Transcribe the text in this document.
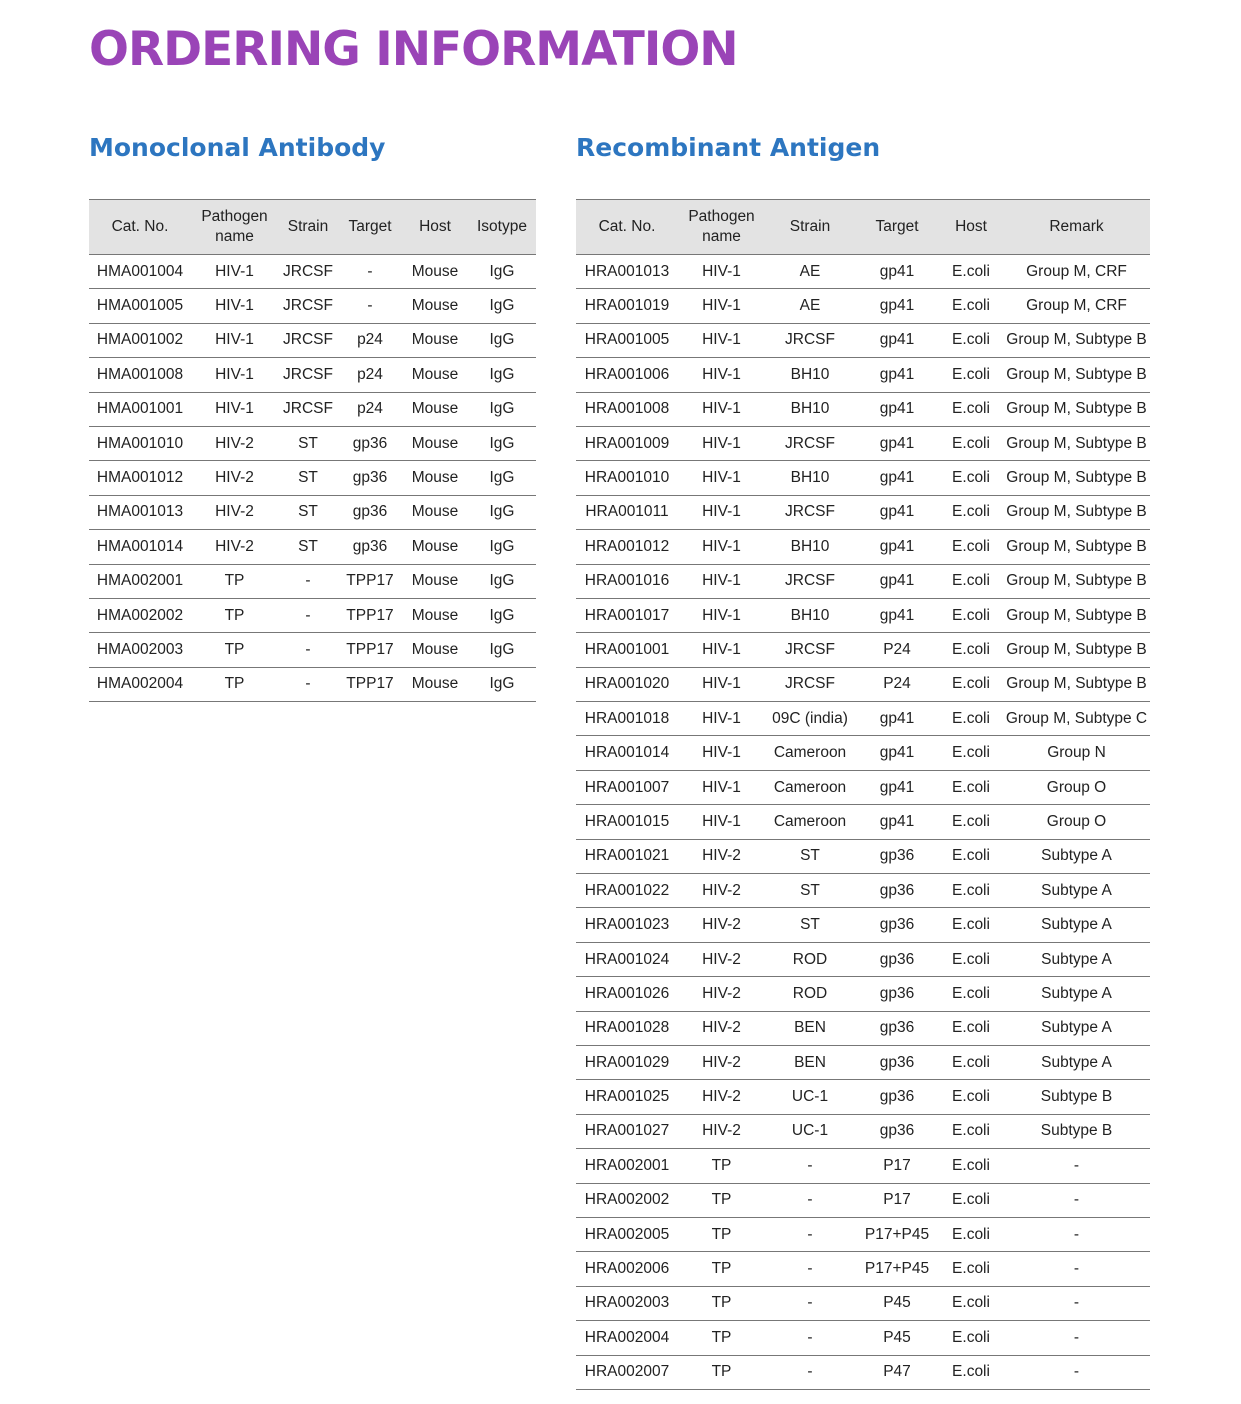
ORDERING INFORMATION
Monoclonal Antibody	Recombinant Antigen
Cat. No.	Pathogen name	Strain	Target	Host	Isotype
HMA001004	HIV-1	JRCSF	-	Mouse	IgG
HMA001005	HIV-1	JRCSF	-	Mouse	IgG
HMA001002	HIV-1	JRCSF	p24	Mouse	IgG
HMA001008	HIV-1	JRCSF	p24	Mouse	IgG
HMA001001	HIV-1	JRCSF	p24	Mouse	IgG
HMA001010	HIV-2	ST	gp36	Mouse	IgG
HMA001012	HIV-2	ST	gp36	Mouse	IgG
HMA001013	HIV-2	ST	gp36	Mouse	IgG
HMA001014	HIV-2	ST	gp36	Mouse	IgG
HMA002001	TP	-	TPP17	Mouse	IgG
HMA002002	TP	-	TPP17	Mouse	IgG
HMA002003	TP	-	TPP17	Mouse	IgG
HMA002004	TP	-	TPP17	Mouse	IgG
Cat. No.	Pathogen name	Strain	Target	Host	Remark
HRA001013	HIV-1	AE	gp41	E.coli	Group M, CRF
HRA001019	HIV-1	AE	gp41	E.coli	Group M, CRF
HRA001005	HIV-1	JRCSF	gp41	E.coli	Group M, Subtype B
HRA001006	HIV-1	BH10	gp41	E.coli	Group M, Subtype B
HRA001008	HIV-1	BH10	gp41	E.coli	Group M, Subtype B
HRA001009	HIV-1	JRCSF	gp41	E.coli	Group M, Subtype B
HRA001010	HIV-1	BH10	gp41	E.coli	Group M, Subtype B
HRA001011	HIV-1	JRCSF	gp41	E.coli	Group M, Subtype B
HRA001012	HIV-1	BH10	gp41	E.coli	Group M, Subtype B
HRA001016	HIV-1	JRCSF	gp41	E.coli	Group M, Subtype B
HRA001017	HIV-1	BH10	gp41	E.coli	Group M, Subtype B
HRA001001	HIV-1	JRCSF	P24	E.coli	Group M, Subtype B
HRA001020	HIV-1	JRCSF	P24	E.coli	Group M, Subtype B
HRA001018	HIV-1	09C (india)	gp41	E.coli	Group M, Subtype C
HRA001014	HIV-1	Cameroon	gp41	E.coli	Group N
HRA001007	HIV-1	Cameroon	gp41	E.coli	Group O
HRA001015	HIV-1	Cameroon	gp41	E.coli	Group O
HRA001021	HIV-2	ST	gp36	E.coli	Subtype A
HRA001022	HIV-2	ST	gp36	E.coli	Subtype A
HRA001023	HIV-2	ST	gp36	E.coli	Subtype A
HRA001024	HIV-2	ROD	gp36	E.coli	Subtype A
HRA001026	HIV-2	ROD	gp36	E.coli	Subtype A
HRA001028	HIV-2	BEN	gp36	E.coli	Subtype A
HRA001029	HIV-2	BEN	gp36	E.coli	Subtype A
HRA001025	HIV-2	UC-1	gp36	E.coli	Subtype B
HRA001027	HIV-2	UC-1	gp36	E.coli	Subtype B
HRA002001	TP	-	P17	E.coli	-
HRA002002	TP	-	P17	E.coli	-
HRA002005	TP	-	P17+P45	E.coli	-
HRA002006	TP	-	P17+P45	E.coli	-
HRA002003	TP	-	P45	E.coli	-
HRA002004	TP	-	P45	E.coli	-
HRA002007	TP	-	P47	E.coli	-
